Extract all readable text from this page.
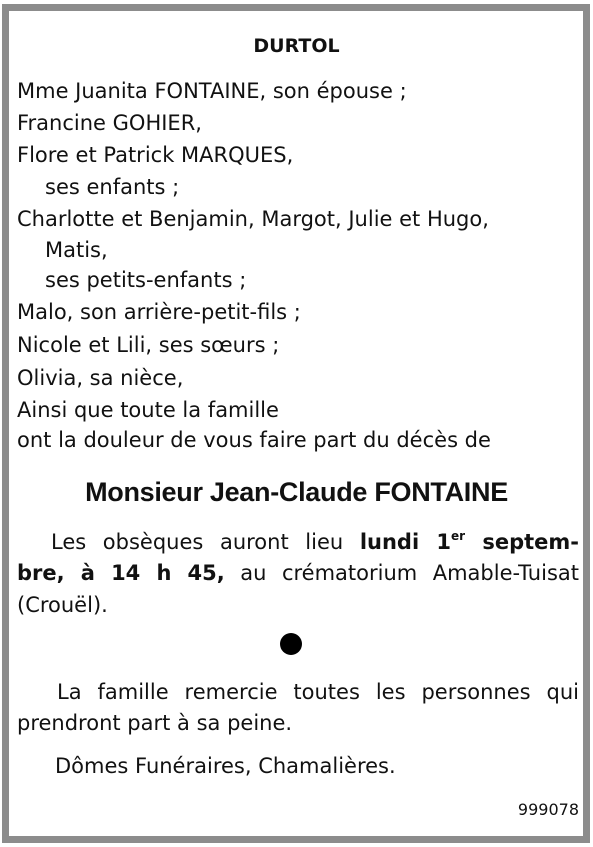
DURTOL
Mme Juanita FONTAINE, son épouse ;
Francine GOHIER,
Flore et Patrick MARQUES,
ses enfants ;
Charlotte et Benjamin, Margot, Julie et Hugo,
Matis,
ses petits-enfants ;
Malo, son arrière-petit-fils ;
Nicole et Lili, ses sœurs ;
Olivia, sa nièce,
Ainsi que toute la famille
ont la douleur de vous faire part du décès de
Monsieur Jean-Claude FONTAINE
Les obsèques auront lieu lundi 1er septem-
bre, à 14 h 45, au crématorium Amable-Tuisat
(Crouël).
La famille remercie toutes les personnes qui
prendront part à sa peine.
Dômes Funéraires, Chamalières.
999078
